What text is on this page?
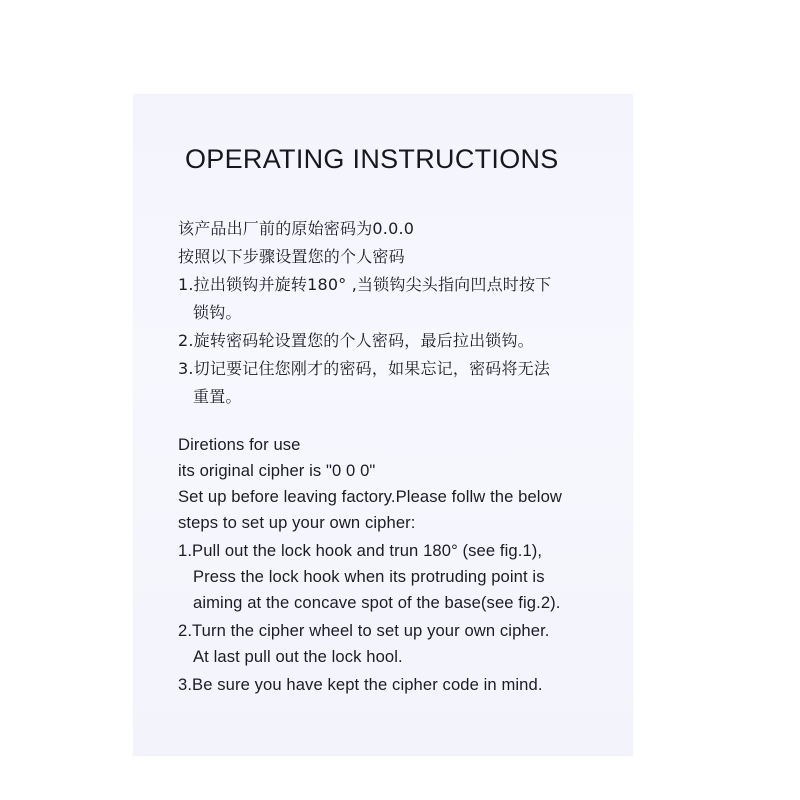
OPERATING INSTRUCTIONS
该产品出厂前的原始密码为0.0.0
按照以下步骤设置您的个人密码
1.拉出锁钩并旋转180° ,当锁钩尖头指向凹点时按下
锁钩。
2.旋转密码轮设置您的个人密码，最后拉出锁钩。
3.切记要记住您刚才的密码，如果忘记，密码将无法
重置。
Diretions for use
its original cipher is "0 0 0"
Set up before leaving factory.Please follw the below
steps to set up your own cipher:
1.Pull out the lock hook and trun 180° (see fig.1),
Press the lock hook when its protruding point is
aiming at the concave spot of the base(see fig.2).
2.Turn the cipher wheel to set up your own cipher.
At last pull out the lock hool.
3.Be sure you have kept the cipher code in mind.
